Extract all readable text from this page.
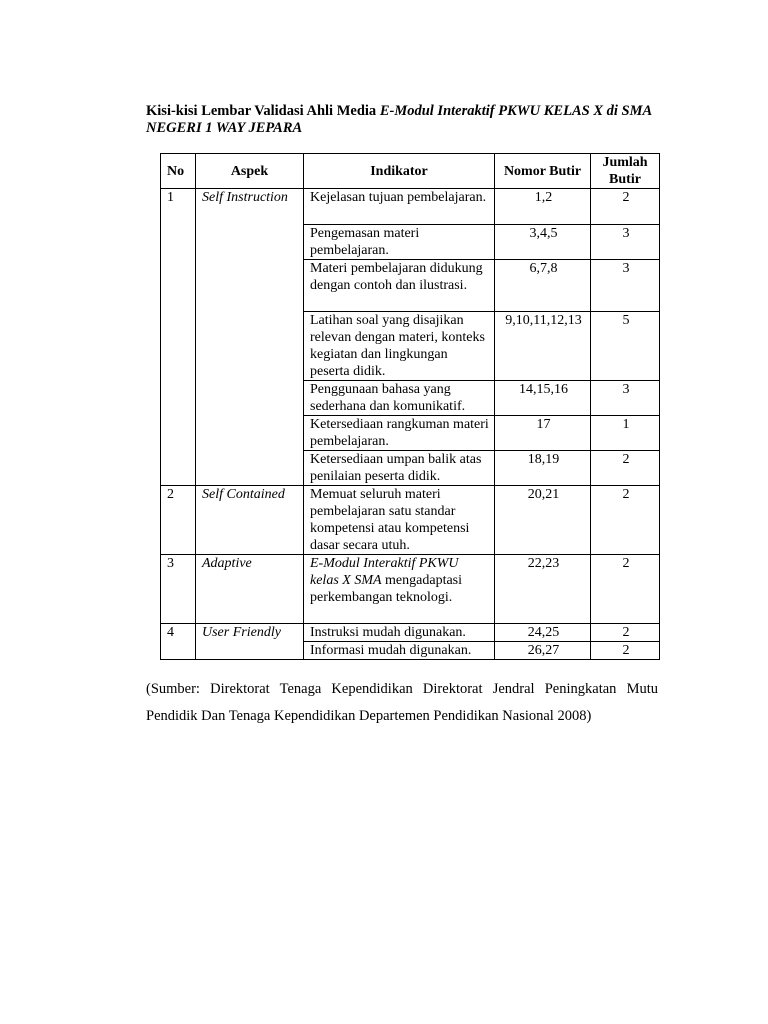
Kisi-kisi Lembar Validasi Ahli Media E-Modul Interaktif PKWU KELAS X di SMA NEGERI 1 WAY JEPARA
No	Aspek	Indikator	Nomor Butir	Jumlah Butir
1	Self Instruction	Kejelasan tujuan pembelajaran.	1,2	2
		Pengemasan materi pembelajaran.	3,4,5	3
		Materi pembelajaran didukung dengan contoh dan ilustrasi.	6,7,8	3
		Latihan soal yang disajikan relevan dengan materi, konteks kegiatan dan lingkungan peserta didik.	9,10,11,12,13	5
		Penggunaan bahasa yang sederhana dan komunikatif.	14,15,16	3
		Ketersediaan rangkuman materi pembelajaran.	17	1
		Ketersediaan umpan balik atas penilaian peserta didik.	18,19	2
2	Self Contained	Memuat seluruh materi pembelajaran satu standar kompetensi atau kompetensi dasar secara utuh.	20,21	2
3	Adaptive	E-Modul Interaktif PKWU kelas X SMA mengadaptasi perkembangan teknologi.	22,23	2
4	User Friendly	Instruksi mudah digunakan.	24,25	2
		Informasi mudah digunakan.	26,27	2
(Sumber: Direktorat Tenaga Kependidikan Direktorat Jendral Peningkatan Mutu Pendidik Dan Tenaga Kependidikan Departemen Pendidikan Nasional 2008)
